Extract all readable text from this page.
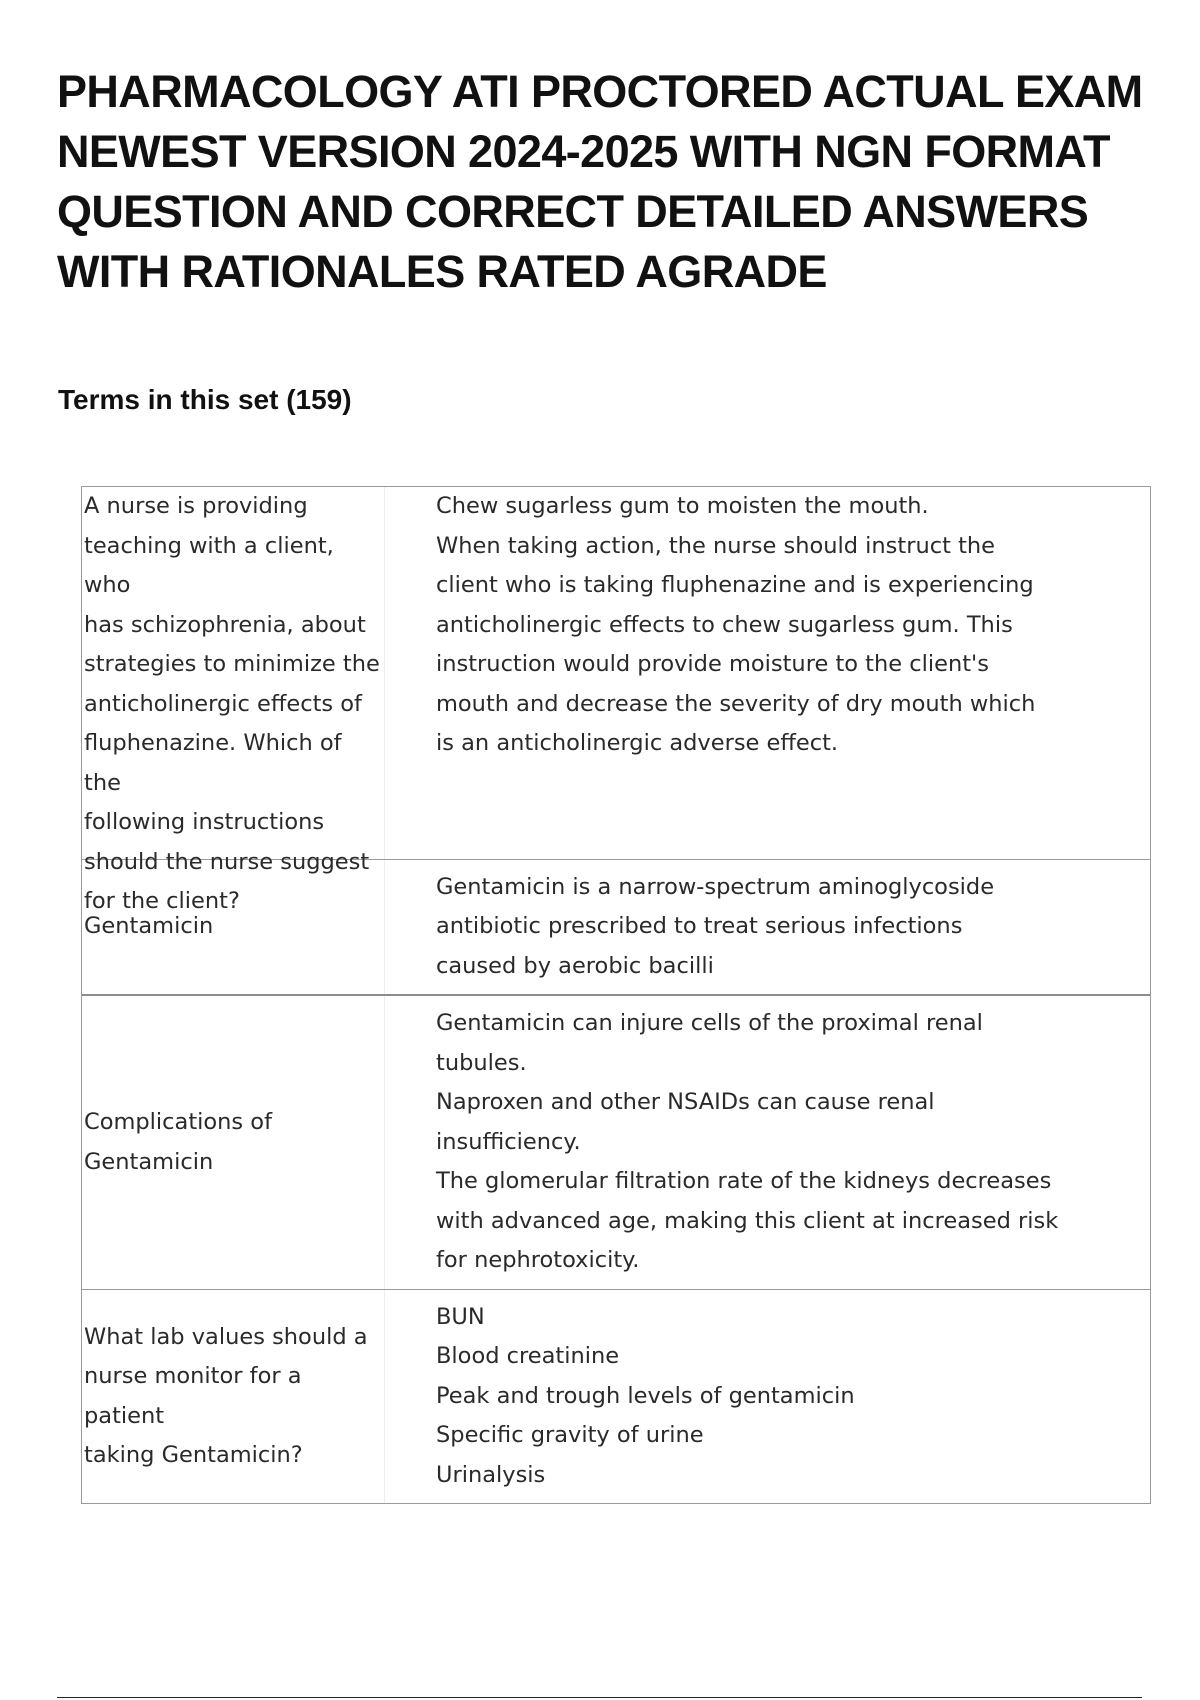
PHARMACOLOGY ATI PROCTORED ACTUAL EXAM NEWEST VERSION 2024-2025 WITH NGN FORMAT QUESTION AND CORRECT DETAILED ANSWERS WITH RATIONALES RATED AGRADE
Terms in this set (159)
A nurse is providing
teaching with a client, who
has schizophrenia, about
strategies to minimize the
anticholinergic effects of
fluphenazine. Which of the
following instructions
should the nurse suggest
for the client?
Chew sugarless gum to moisten the mouth.
When taking action, the nurse should instruct the
client who is taking fluphenazine and is experiencing
anticholinergic effects to chew sugarless gum. This
instruction would provide moisture to the client's
mouth and decrease the severity of dry mouth which
is an anticholinergic adverse effect.
Gentamicin
Gentamicin is a narrow-spectrum aminoglycoside
antibiotic prescribed to treat serious infections
caused by aerobic bacilli
Complications of
Gentamicin
Gentamicin can injure cells of the proximal renal
tubules.
Naproxen and other NSAIDs can cause renal
insufficiency.
The glomerular filtration rate of the kidneys decreases
with advanced age, making this client at increased risk
for nephrotoxicity.
What lab values should a
nurse monitor for a patient
taking Gentamicin?
BUN
Blood creatinine
Peak and trough levels of gentamicin
Specific gravity of urine
Urinalysis
